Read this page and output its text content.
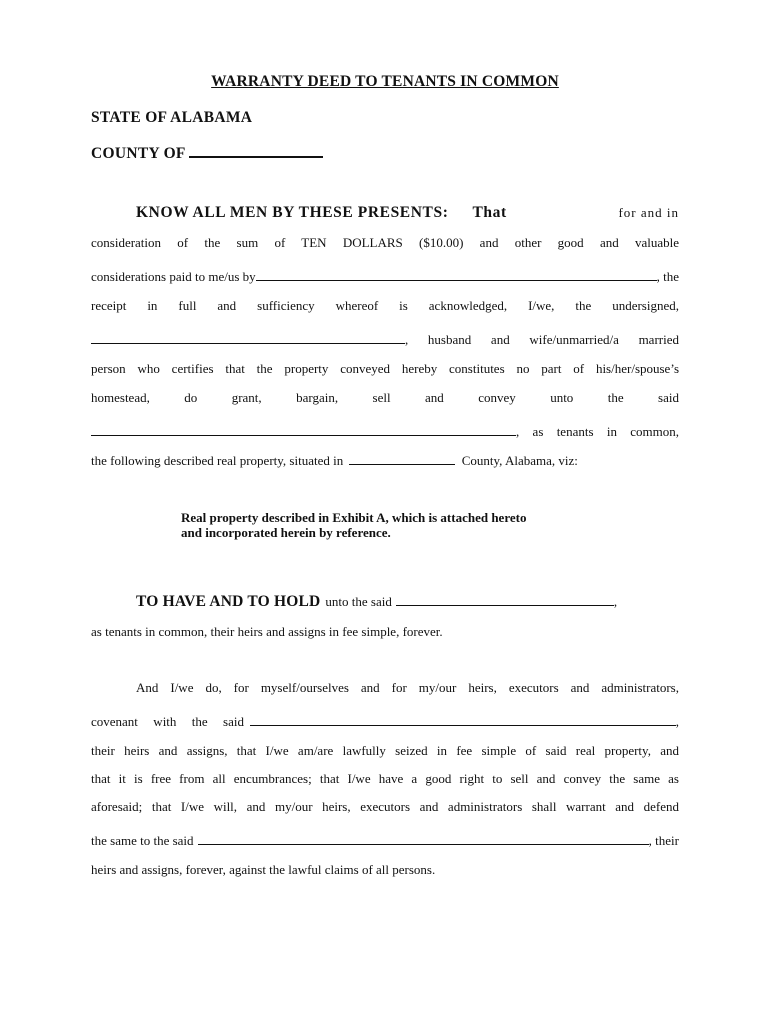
WARRANTY DEED TO TENANTS IN COMMON
STATE OF ALABAMA
COUNTY OF
KNOW ALL MEN BY THESE PRESENTS: That	for and in
consideration of the sum of TEN DOLLARS ($10.00) and other good and valuable
considerations paid to me/us by	, the
receipt in full and sufficiency whereof is acknowledged, I/we, the undersigned,
, husband and wife/unmarried/a married
person who certifies that the property conveyed hereby constitutes no part of his/her/spouse’s
homestead, do grant, bargain, sell and convey unto the said
, as tenants in common,
the following described real property, situated in	County, Alabama, viz:
Real property described in Exhibit A, which is attached hereto
and incorporated herein by reference.
TO HAVE AND TO HOLD unto the said	,
as tenants in common, their heirs and assigns in fee simple, forever.
And I/we do, for myself/ourselves and for my/our heirs, executors and administrators,
covenant with the said	,
their heirs and assigns, that I/we am/are lawfully seized in fee simple of said real property, and
that it is free from all encumbrances; that I/we have a good right to sell and convey the same as
aforesaid; that I/we will, and my/our heirs, executors and administrators shall warrant and defend
the same to the said	, their
heirs and assigns, forever, against the lawful claims of all persons.
